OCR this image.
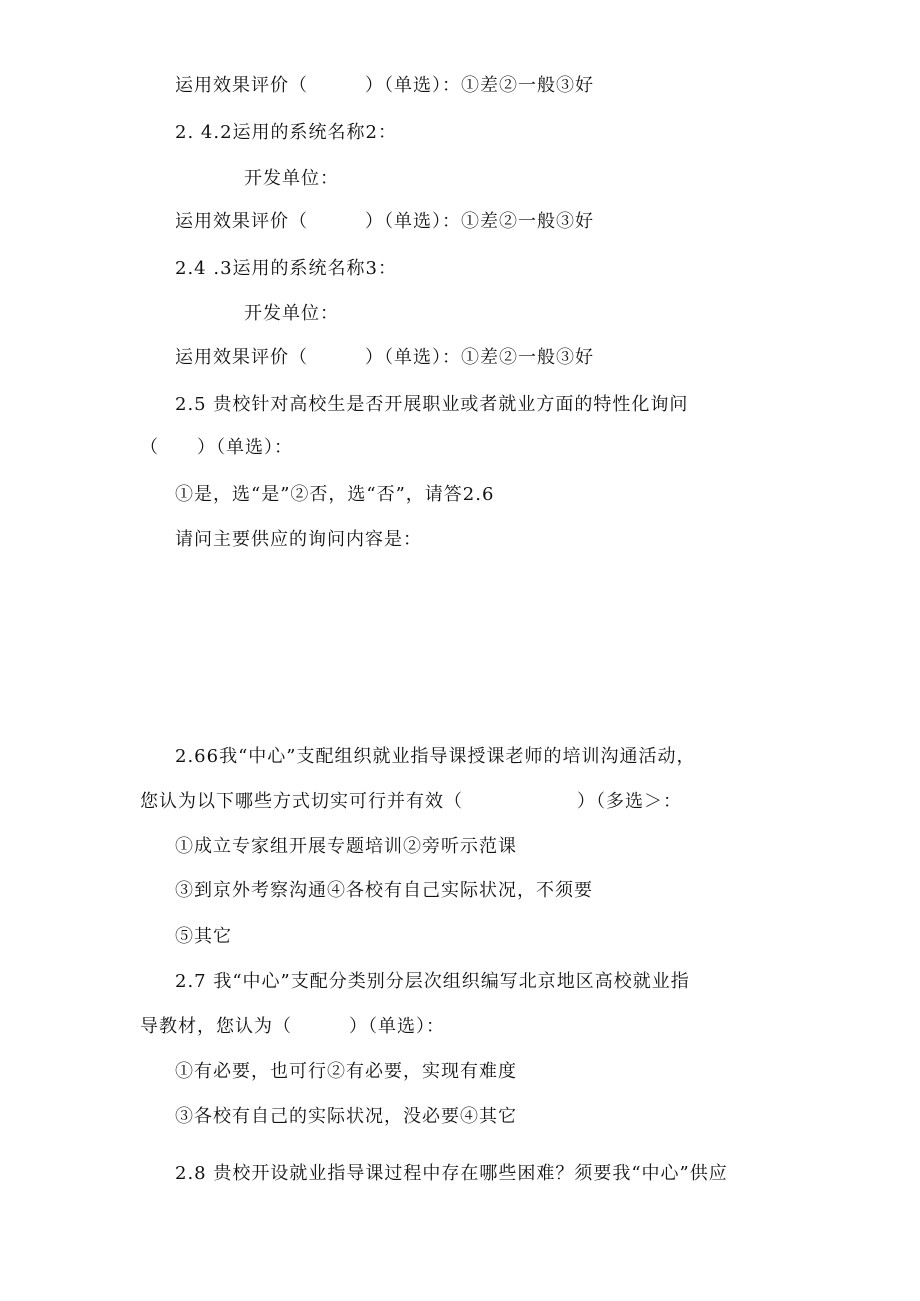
运用效果评价（　　　）（单选）：①差②一般③好
2. 4.2运用的系统名称2：
开发单位：
运用效果评价（　　　）（单选）：①差②一般③好
2.4 .3运用的系统名称3：
开发单位：
运用效果评价（　　　）（单选）：①差②一般③好
2.5 贵校针对高校生是否开展职业或者就业方面的特性化询问
（　　）（单选）：
①是，选“是”②否，选“否”，请答2.6
请问主要供应的询问内容是：
2.66我“中心”支配组织就业指导课授课老师的培训沟通活动，
您认为以下哪些方式切实可行并有效（　　　　　　）（多选＞：
①成立专家组开展专题培训②旁听示范课
③到京外考察沟通④各校有自己实际状况，不须要
⑤其它
2.7 我“中心”支配分类别分层次组织编写北京地区高校就业指
导教材，您认为（　　　）（单选）：
①有必要，也可行②有必要，实现有难度
③各校有自己的实际状况，没必要④其它
2.8 贵校开设就业指导课过程中存在哪些困难？须要我“中心”供应
